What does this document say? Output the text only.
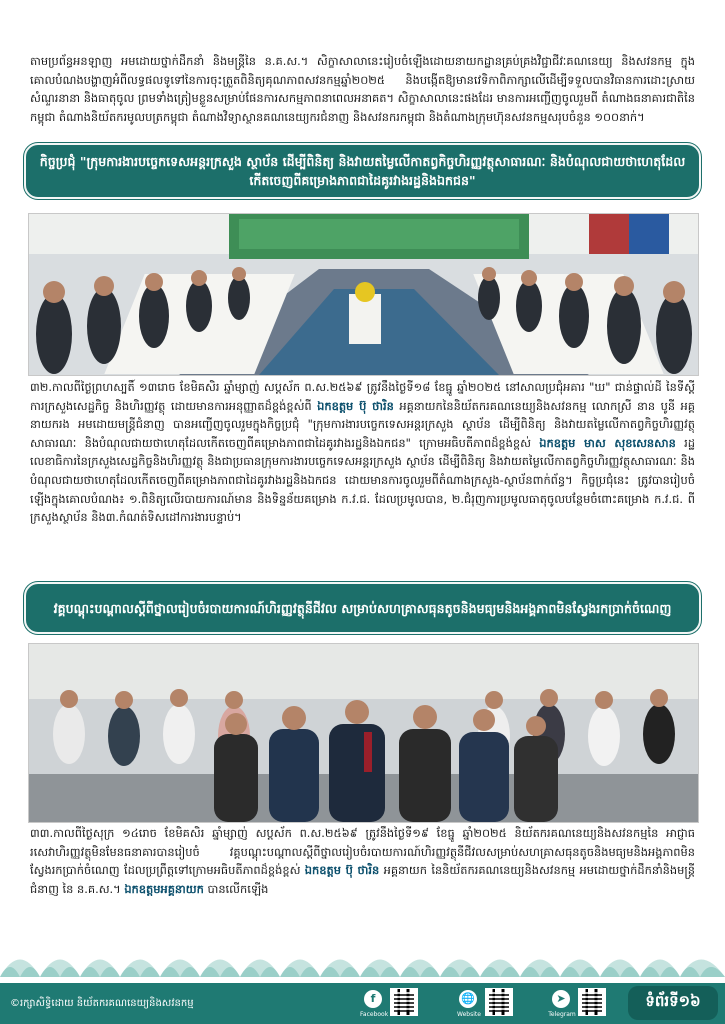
តាមប្រព័ន្ធអនឡាញ អមដោយថ្នាក់ដឹកនាំ និងមន្ត្រីនៃ ន.គ.ស.។ សិក្ខាសាលានេះរៀបចំឡើងដោយនាយកដ្ឋានគ្រប់គ្រងវិជ្ជាជីវៈគណនេយ្យ និងសវនកម្ម ក្នុងគោលបំណងបង្ហាញអំពីលទ្ធផលទូទៅនៃការចុះត្រួតពិនិត្យគុណភាពសវនកម្មឆ្នាំ២០២៥ និងបង្កើតឱ្យមានវេទិកាពិភាក្សាលើដើម្បីទទួលបានវិធានការដោះស្រាយ សំណួរនានា និងធាតុចូល ព្រមទាំងត្រៀមខ្លួនសម្រាប់ផែនការសកម្មភាពនាពេលអនាគត។ សិក្ខាសាលានេះផងដែរ មានការអញ្ជើញចូលរួមពី តំណាងធនាគារជាតិនៃកម្ពុជា តំណាងនិយ័តករមូលបត្រកម្ពុជា តំណាងវិទ្យាស្ថានគណនេយ្យករជំនាញ និងសវនករកម្ពុជា និងតំណាងក្រុមហ៊ុនសវនកម្មសរុបចំនួន ១០០នាក់។

កិច្ចប្រជុំ "ក្រុមការងារបច្ចេកទេសអន្តរក្រសួង ស្ថាប័ន ដើម្បីពិនិត្យ និងវាយតម្លៃលើកាតព្វកិច្ចហិរញ្ញវត្ថុសាធារណៈ និងបំណុលជាយថាហេតុដែលកើតចេញពីគម្រោងភាពជាដៃគូរវាងរដ្ឋនិងឯកជន"

៣២.កាលពីថ្ងៃព្រហស្បតិ៍ ១៣រោច ខែមិគសិរ ឆ្នាំម្សាញ់ សប្តស័ក ព.ស.២៥៦៩ ត្រូវនឹងថ្ងៃទី១៨ ខែធ្នូ ឆ្នាំ២០២៥ នៅសាលប្រជុំអគារ "ឃ" ជាន់ផ្ទាល់ដី នៃទីស្តីការក្រសួងសេដ្ឋកិច្ច និងហិរញ្ញវត្ថុ ដោយមានការអនុញ្ញាតដ៏ខ្ពង់ខ្ពស់ពី ឯកឧត្តម ប៊ុ ថារិន អគ្គនាយកនៃនិយ័តករគណនេយ្យនិងសវនកម្ម លោកស្រី នាន បូនី អគ្គនាយករង អមដោយមន្ត្រីជំនាញ បានអញ្ជើញចូលរួមក្នុងកិច្ចប្រជុំ "ក្រុមការងារបច្ចេកទេសអន្តរក្រសួង ស្ថាប័ន ដើម្បីពិនិត្យ និងវាយតម្លៃលើកាតព្វកិច្ចហិរញ្ញវត្ថុសាធារណៈ និងបំណុលជាយថាហេតុដែលកើតចេញពីគម្រោងភាពជាដៃគូរវាងរដ្ឋនិងឯកជន" ក្រោមអធិបតីភាពដ៏ខ្ពង់ខ្ពស់ ឯកឧត្តម មាស សុខសេនសាន រដ្ឋលេខាធិការនៃក្រសួងសេដ្ឋកិច្ចនិងហិរញ្ញវត្ថុ និងជាប្រធានក្រុមការងារបច្ចេកទេសអន្តរក្រសួង ស្ថាប័ន ដើម្បីពិនិត្យ និងវាយតម្លៃលើកាតព្វកិច្ចហិរញ្ញវត្ថុសាធារណៈ និងបំណុលជាយថាហេតុដែលកើតចេញពីគម្រោងភាពជាដៃគូរវាងរដ្ឋនិងឯកជន ដោយមានការចូលរួមពីតំណាងក្រសួង-ស្ថាប័នពាក់ព័ន្ធ។ កិច្ចប្រជុំនេះ ត្រូវបានរៀបចំឡើងក្នុងគោលបំណង៖ ១.ពិនិត្យលើរបាយការណ៍មាន និងទិន្នន័យគម្រោង ក.វ.ជ. ដែលប្រមូលបាន, ២.ជំរុញការប្រមូលធាតុចូលបន្ថែមចំពោះគម្រោង ក.វ.ជ. ពីក្រសួងស្ថាប័ន និង៣.កំណត់ទិសដៅការងារបន្ទាប់។

វគ្គបណ្តុះបណ្តាលស្តីពីថ្នាលរៀបចំរបាយការណ៍ហិរញ្ញវត្ថុនីជីវល សម្រាប់សហគ្រាសធុនតូចនិងមធ្យមនិងអង្គភាពមិនស្វែងរកប្រាក់ចំណេញ

៣៣.កាលពីថ្ងៃសុក្រ ១៤រោច ខែមិគសិរ ឆ្នាំម្សាញ់ សប្តស័ក ព.ស.២៥៦៩ ត្រូវនឹងថ្ងៃទី១៩ ខែធ្នូ ឆ្នាំ២០២៥ និយ័តករគណនេយ្យនិងសវនកម្មនៃ អាជ្ញាធរសេវាហិរញ្ញវត្ថុមិនមែនធនាគារបានរៀបចំ វគ្គបណ្តុះបណ្តាលស្តីពីថ្នាលរៀបចំរបាយការណ៍ហិរញ្ញវត្ថុនីជីវលសម្រាប់សហគ្រាសធុនតូចនិងមធ្យមនិងអង្គភាពមិនស្វែងរកប្រាក់ចំណេញ ដែលប្រព្រឹត្តទៅក្រោមអធិបតីភាពដ៏ខ្ពង់ខ្ពស់ ឯកឧត្តម ប៊ុ ថារិន អគ្គនាយក នៃនិយ័តករគណនេយ្យនិងសវនកម្ម អមដោយថ្នាក់ដឹកនាំនិងមន្ត្រីជំនាញ នៃ ន.គ.ស.។ ឯកឧត្តមអគ្គនាយក បានលើកឡើង

©រក្សាសិទ្ធិដោយ និយ័តករគណនេយ្យនិងសវនកម្ម	f
Facebook
🌐
Website
➤
Telegram
ទំព័រទី១៦
